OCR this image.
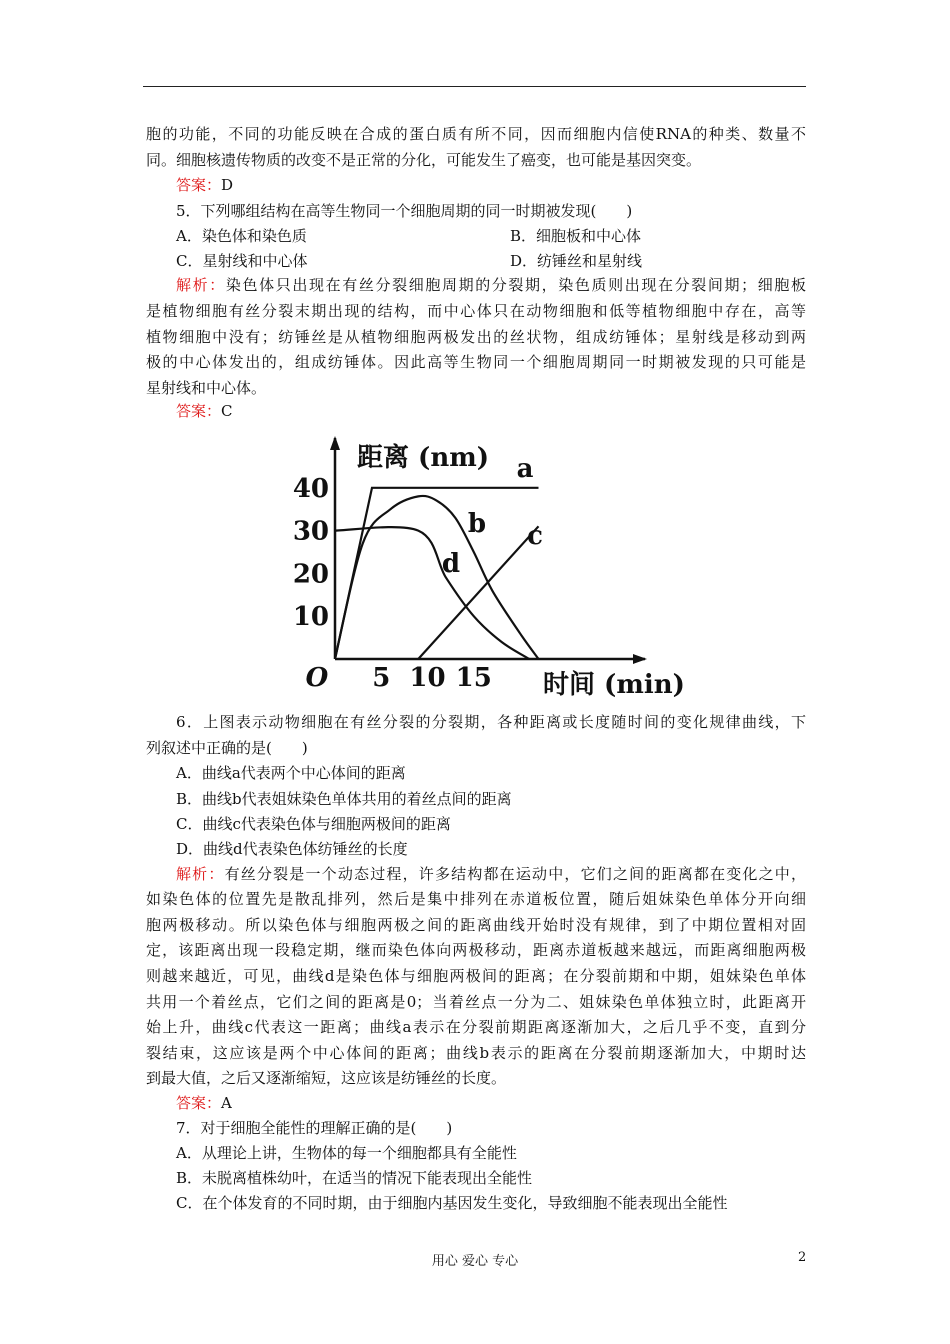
胞的功能，不同的功能反映在合成的蛋白质有所不同，因而细胞内信使RNA的种类、数量不
同。细胞核遗传物质的改变不是正常的分化，可能发生了癌变，也可能是基因突变。
答案：D
5．下列哪组结构在高等生物同一个细胞周期的同一时期被发现(　　)
A．染色体和染色质	B．细胞板和中心体
C．星射线和中心体	D．纺锤丝和星射线
解析：染色体只出现在有丝分裂细胞周期的分裂期，染色质则出现在分裂间期；细胞板
是植物细胞有丝分裂末期出现的结构，而中心体只在动物细胞和低等植物细胞中存在，高等
植物细胞中没有；纺锤丝是从植物细胞两极发出的丝状物，组成纺锤体；星射线是移动到两
极的中心体发出的，组成纺锤体。因此高等生物同一个细胞周期同一时期被发现的只可能是
星射线和中心体。
答案：C
10
20
30
40
5 10 15
O
距离 (nm)
时间 (min)
a
b c
d
6．上图表示动物细胞在有丝分裂的分裂期，各种距离或长度随时间的变化规律曲线，下
列叙述中正确的是(　　)
A．曲线a代表两个中心体间的距离
B．曲线b代表姐妹染色单体共用的着丝点间的距离
C．曲线c代表染色体与细胞两极间的距离
D．曲线d代表染色体纺锤丝的长度
解析：有丝分裂是一个动态过程，许多结构都在运动中，它们之间的距离都在变化之中，
如染色体的位置先是散乱排列，然后是集中排列在赤道板位置，随后姐妹染色单体分开向细
胞两极移动。所以染色体与细胞两极之间的距离曲线开始时没有规律，到了中期位置相对固
定，该距离出现一段稳定期，继而染色体向两极移动，距离赤道板越来越远，而距离细胞两极
则越来越近，可见，曲线d是染色体与细胞两极间的距离；在分裂前期和中期，姐妹染色单体
共用一个着丝点，它们之间的距离是0；当着丝点一分为二、姐妹染色单体独立时，此距离开
始上升，曲线c代表这一距离；曲线a表示在分裂前期距离逐渐加大，之后几乎不变，直到分
裂结束，这应该是两个中心体间的距离；曲线b表示的距离在分裂前期逐渐加大，中期时达
到最大值，之后又逐渐缩短，这应该是纺锤丝的长度。
答案：A
7．对于细胞全能性的理解正确的是(　　)
A．从理论上讲，生物体的每一个细胞都具有全能性
B．未脱离植株幼叶，在适当的情况下能表现出全能性
C．在个体发育的不同时期，由于细胞内基因发生变化，导致细胞不能表现出全能性
用心 爱心 专心	2
